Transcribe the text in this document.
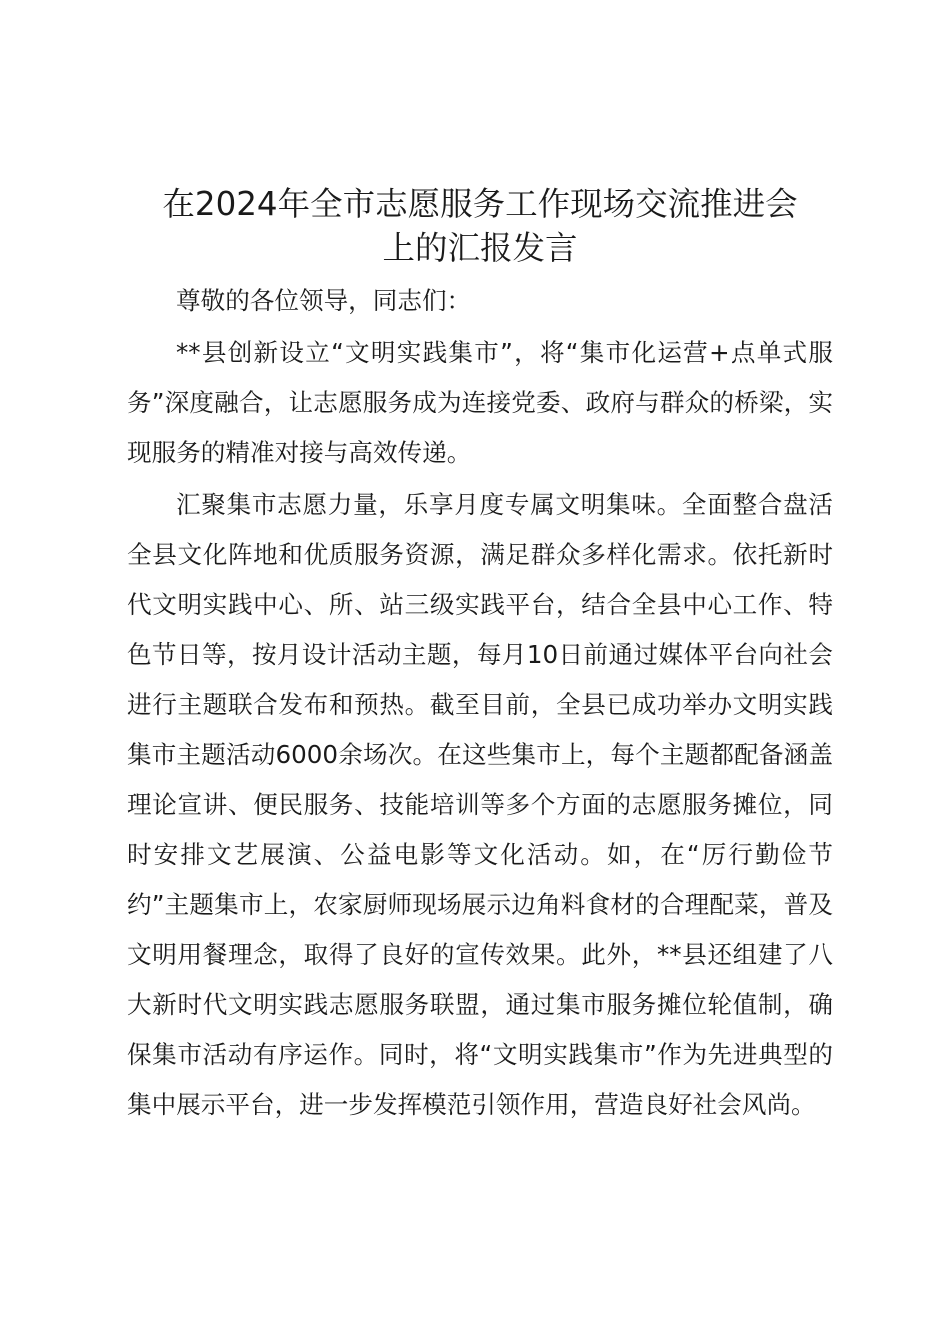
在2024年全市志愿服务工作现场交流推进会
上的汇报发言

尊敬的各位领导，同志们：

**县创新设立“文明实践集市”，将“集市化运营+点单式服务”深度融合，让志愿服务成为连接党委、政府与群众的桥梁，实现服务的精准对接与高效传递。

汇聚集市志愿力量，乐享月度专属文明集味。全面整合盘活全县文化阵地和优质服务资源，满足群众多样化需求。依托新时代文明实践中心、所、站三级实践平台，结合全县中心工作、特色节日等，按月设计活动主题，每月10日前通过媒体平台向社会进行主题联合发布和预热。截至目前，全县已成功举办文明实践集市主题活动6000余场次。在这些集市上，每个主题都配备涵盖理论宣讲、便民服务、技能培训等多个方面的志愿服务摊位，同时安排文艺展演、公益电影等文化活动。如，在“厉行勤俭节约”主题集市上，农家厨师现场展示边角料食材的合理配菜，普及文明用餐理念，取得了良好的宣传效果。此外，**县还组建了八大新时代文明实践志愿服务联盟，通过集市服务摊位轮值制，确保集市活动有序运作。同时，将“文明实践集市”作为先进典型的集中展示平台，进一步发挥模范引领作用，营造良好社会风尚。
